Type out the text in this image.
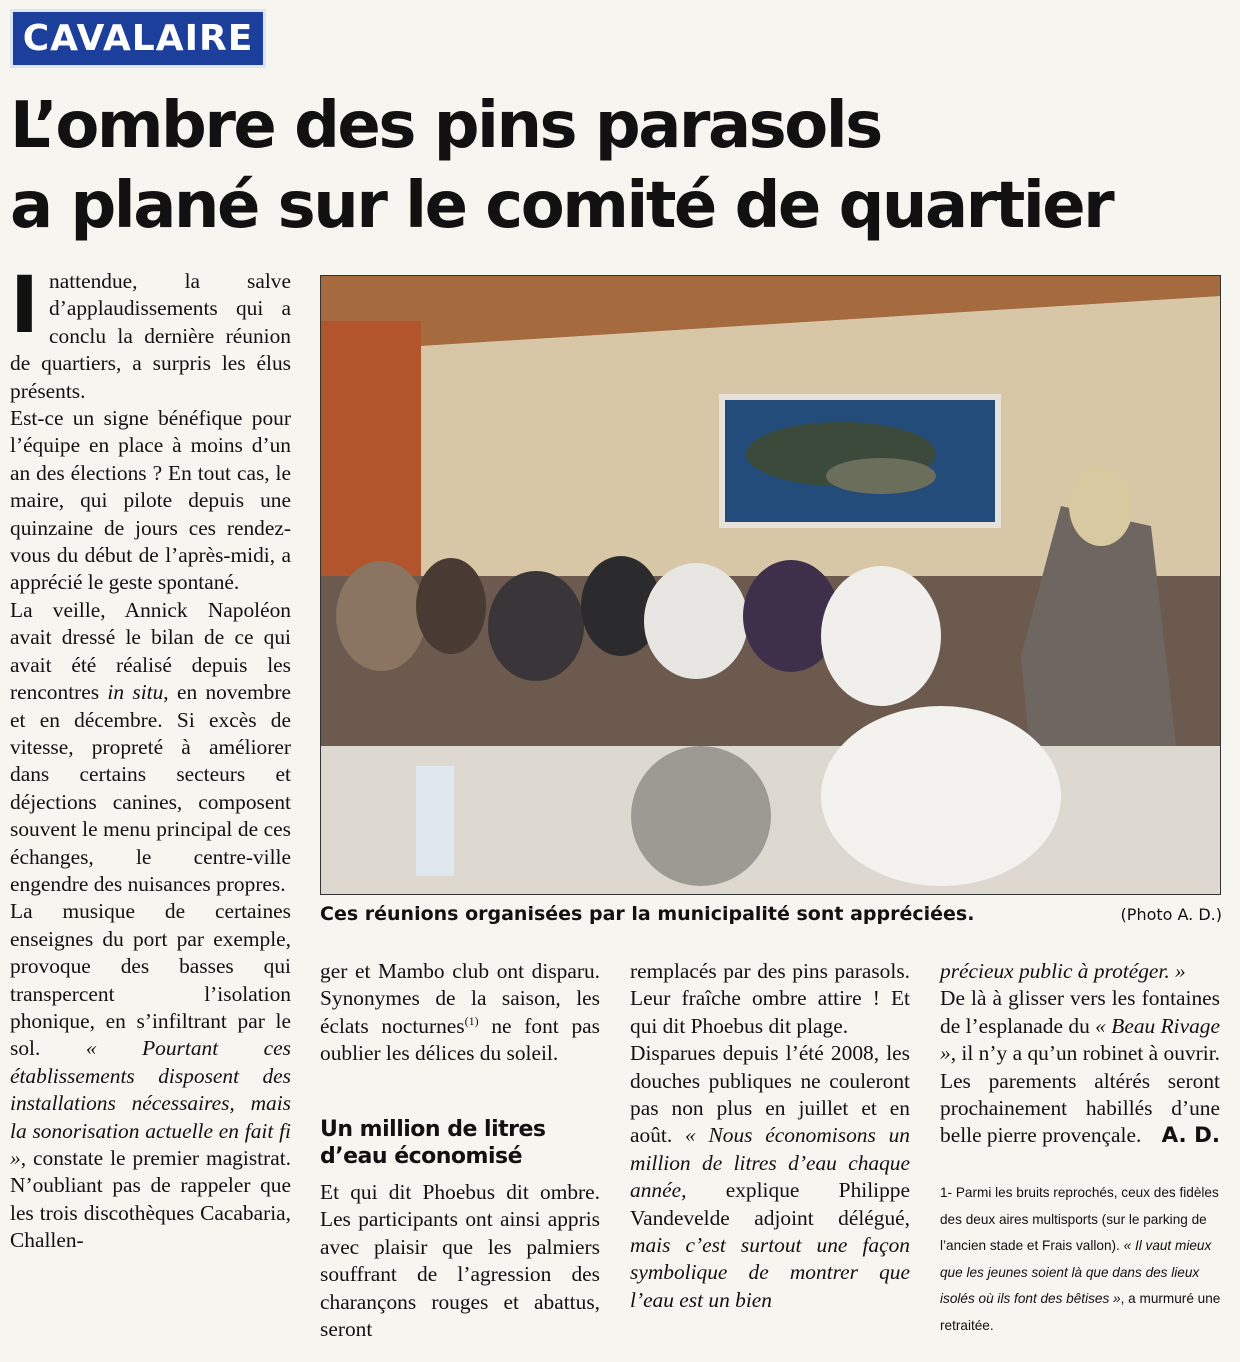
CAVALAIRE
L’ombre des pins parasols
a plané sur le comité de quartier

Inattendue, la salve d’applaudissements qui a conclu la dernière réunion de quartiers, a surpris les élus présents.

Est-ce un signe bénéfique pour l’équipe en place à moins d’un an des élections ? En tout cas, le maire, qui pilote depuis une quinzaine de jours ces rendez-vous du début de l’après-midi, a apprécié le geste spontané.

La veille, Annick Napoléon avait dressé le bilan de ce qui avait été réalisé depuis les rencontres in situ, en novembre et en décembre. Si excès de vitesse, propreté à améliorer dans certains secteurs et déjections canines, composent souvent le menu principal de ces échanges, le centre-ville engendre des nuisances propres.

La musique de certaines enseignes du port par exemple, provoque des basses qui transpercent l’isolation phonique, en s’infiltrant par le sol. « Pourtant ces établissements disposent des installations nécessaires, mais la sonorisation actuelle en fait fi », constate le premier magistrat. N’oubliant pas de rappeler que les trois discothèques Cacabaria, Challen-

Ces réunions organisées par la municipalité sont appréciées.	(Photo A. D.)

ger et Mambo club ont disparu. Synonymes de la saison, les éclats nocturnes$^{(1)}$ ne font pas oublier les délices du soleil.

Un million de litres d’eau économisé

Et qui dit Phoebus dit ombre. Les participants ont ainsi appris avec plaisir que les palmiers souffrant de l’agression des charançons rouges et abattus, seront

remplacés par des pins parasols. Leur fraîche ombre attire ! Et qui dit Phoebus dit plage.

Disparues depuis l’été 2008, les douches publiques ne couleront pas non plus en juillet et en août. « Nous économisons un million de litres d’eau chaque année, explique Philippe Vandevelde adjoint délégué, mais c’est surtout une façon symbolique de montrer que l’eau est un bien

précieux public à protéger. »

De là à glisser vers les fontaines de l’esplanade du « Beau Rivage », il n’y a qu’un robinet à ouvrir. Les parements altérés seront prochainement habillés d’une belle pierre provençale. A. D.

1- Parmi les bruits reprochés, ceux des fidèles des deux aires multisports (sur le parking de l’ancien stade et Frais vallon). « Il vaut mieux que les jeunes soient là que dans des lieux isolés où ils font des bêtises », a murmuré une retraitée.
